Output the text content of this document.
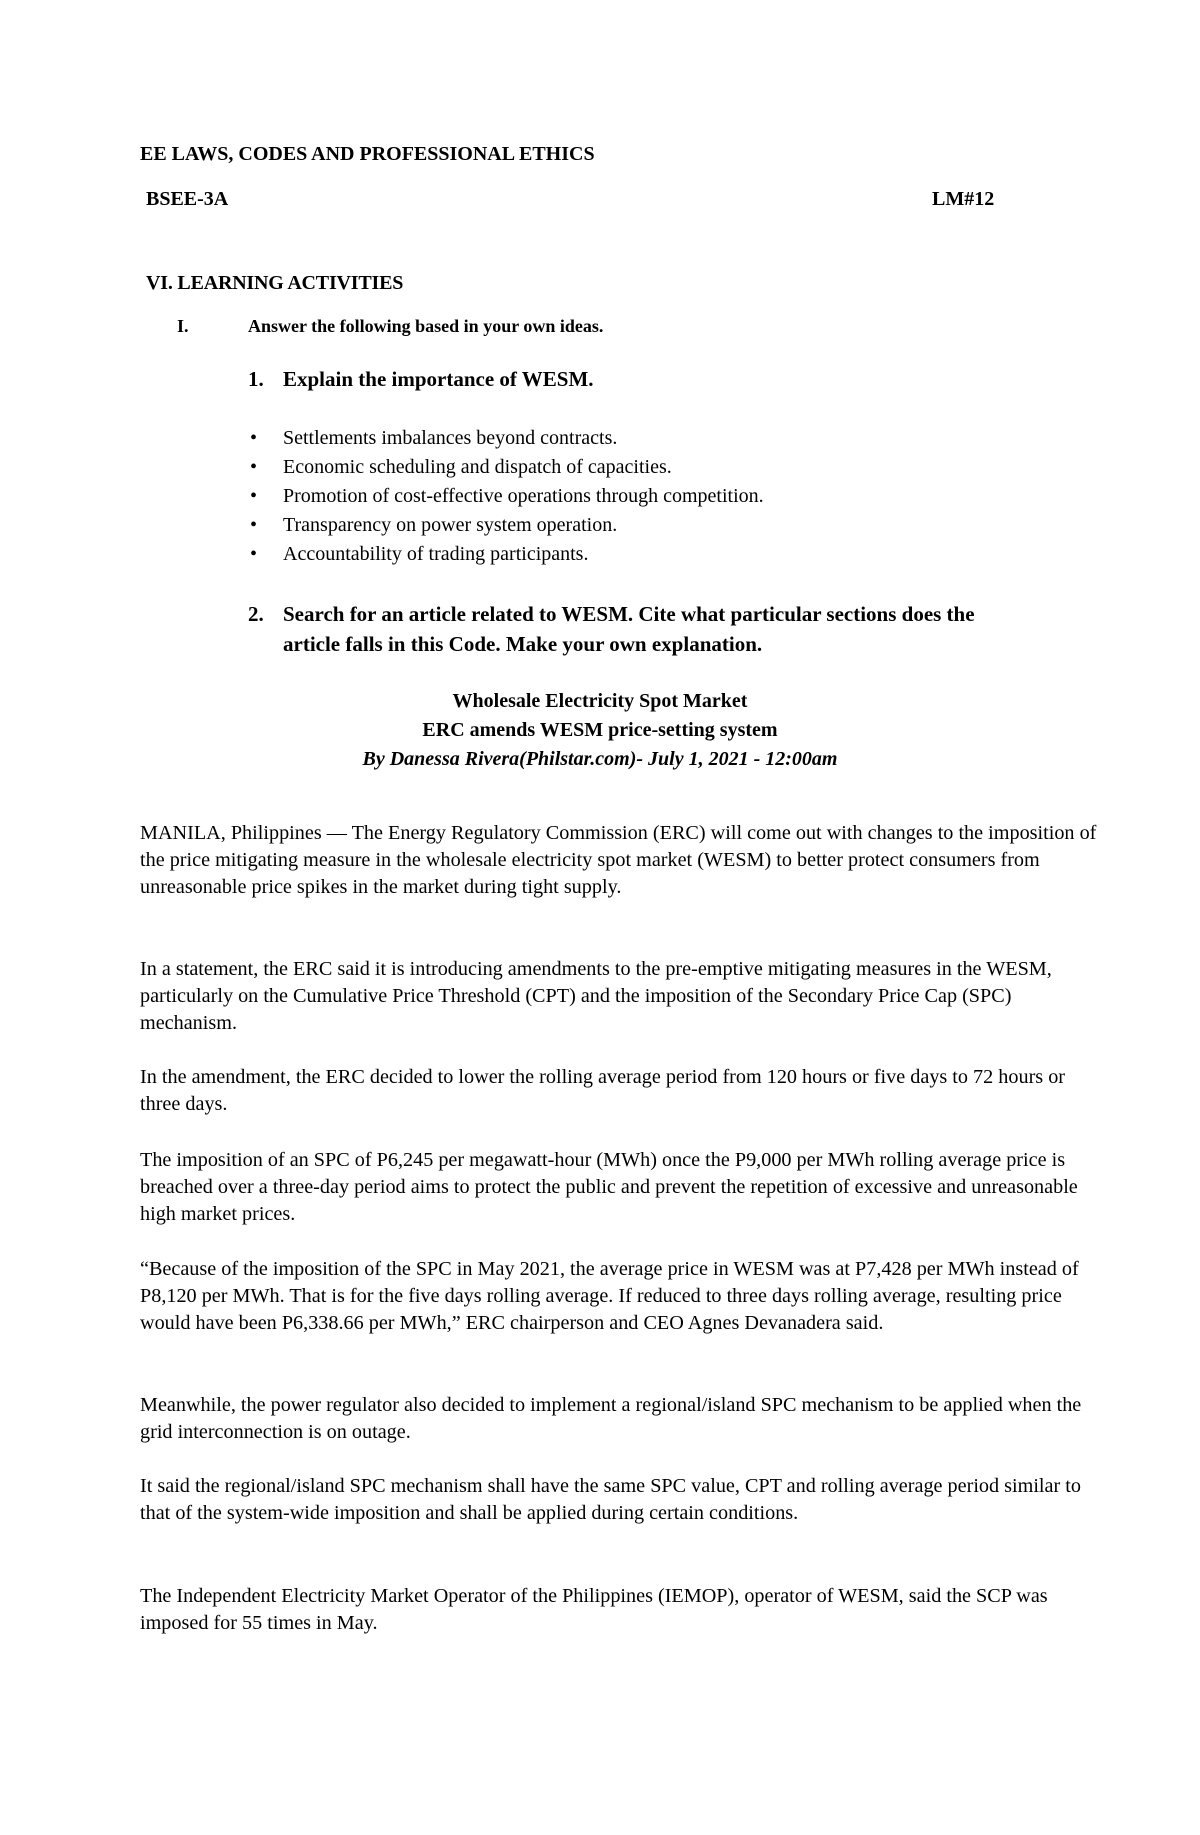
EE LAWS, CODES AND PROFESSIONAL ETHICS
BSEE-3A	LM#12
VI. LEARNING ACTIVITIES
I.	Answer the following based in your own ideas.
1. Explain the importance of WESM.
• Settlements imbalances beyond contracts.
• Economic scheduling and dispatch of capacities.
• Promotion of cost-effective operations through competition.
• Transparency on power system operation.
• Accountability of trading participants.
2. Search for an article related to WESM. Cite what particular sections does the
article falls in this Code. Make your own explanation.
Wholesale Electricity Spot Market
ERC amends WESM price-setting system
By Danessa Rivera(Philstar.com)- July 1, 2021 - 12:00am

MANILA, Philippines — The Energy Regulatory Commission (ERC) will come out with changes to the imposition of the price mitigating measure in the wholesale electricity spot market (WESM) to better protect consumers from unreasonable price spikes in the market during tight supply.

In a statement, the ERC said it is introducing amendments to the pre-emptive mitigating measures in the WESM, particularly on the Cumulative Price Threshold (CPT) and the imposition of the Secondary Price Cap (SPC) mechanism.

In the amendment, the ERC decided to lower the rolling average period from 120 hours or five days to 72 hours or three days.

The imposition of an SPC of P6,245 per megawatt-hour (MWh) once the P9,000 per MWh rolling average price is breached over a three-day period aims to protect the public and prevent the repetition of excessive and unreasonable high market prices.

“Because of the imposition of the SPC in May 2021, the average price in WESM was at P7,428 per MWh instead of P8,120 per MWh. That is for the five days rolling average. If reduced to three days rolling average, resulting price would have been P6,338.66 per MWh,” ERC chairperson and CEO Agnes Devanadera said.

Meanwhile, the power regulator also decided to implement a regional/island SPC mechanism to be applied when the grid interconnection is on outage.

It said the regional/island SPC mechanism shall have the same SPC value, CPT and rolling average period similar to that of the system-wide imposition and shall be applied during certain conditions.

The Independent Electricity Market Operator of the Philippines (IEMOP), operator of WESM, said the SCP was imposed for 55 times in May.
